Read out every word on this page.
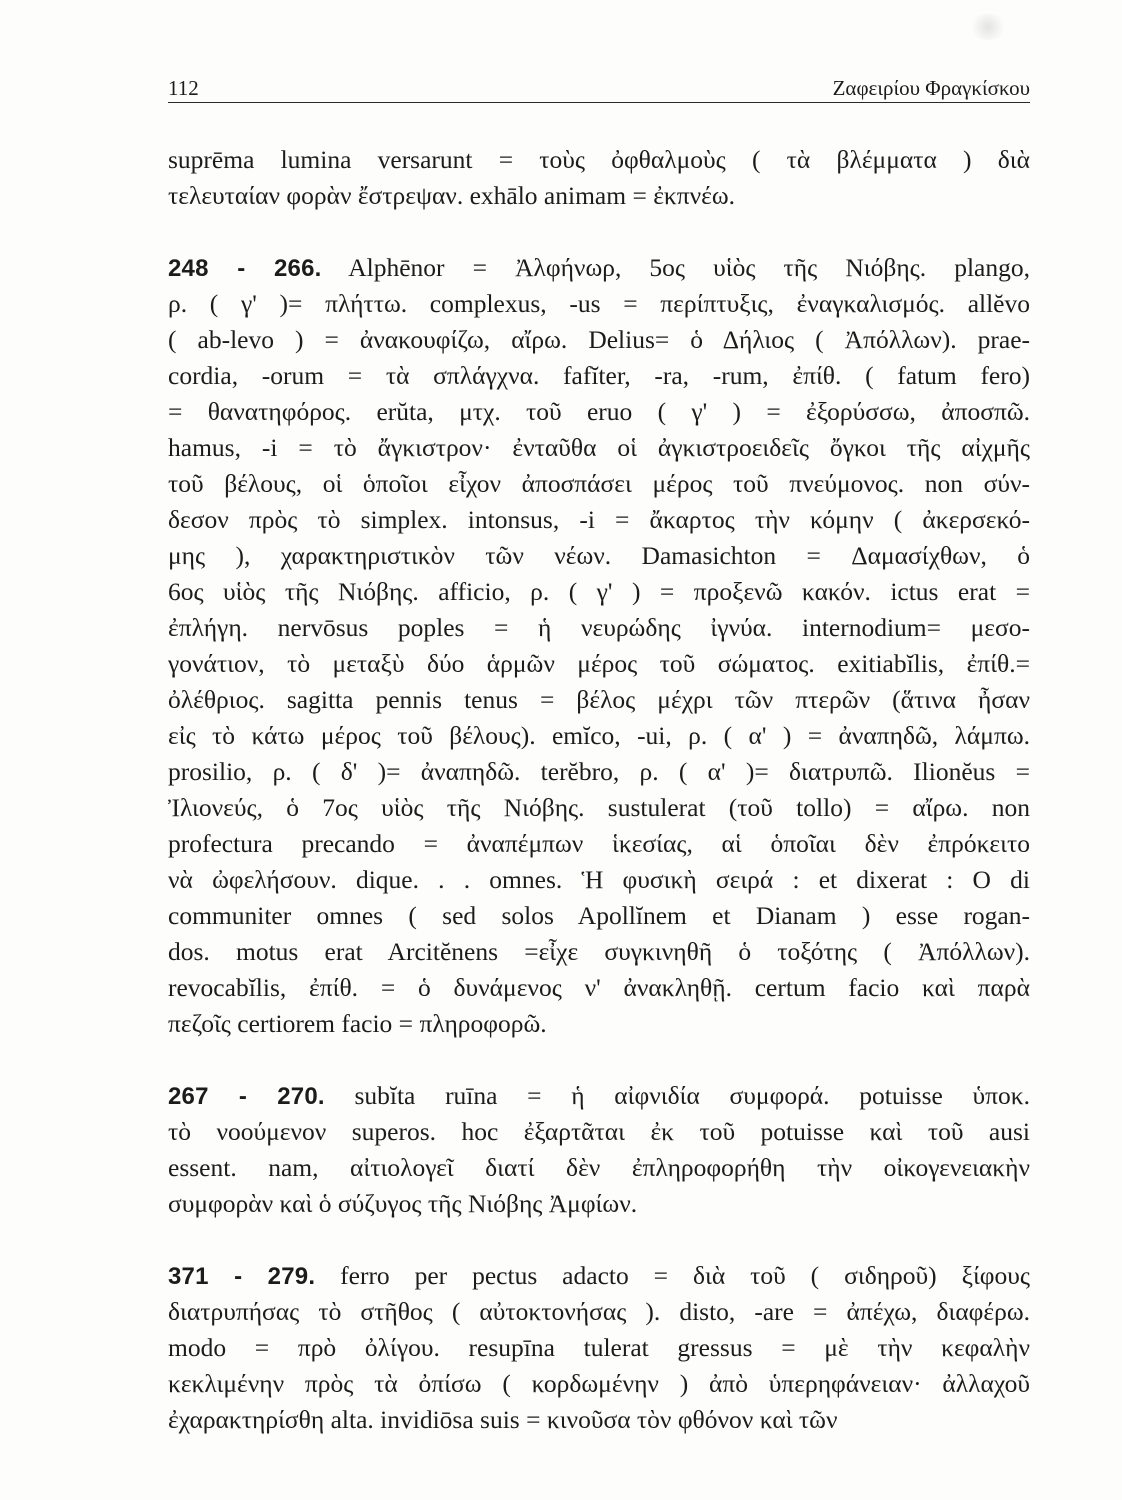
112	Ζαφειρίου Φραγκίσκου
suprēma lumina versarunt = τοὺς ὀφθαλμοὺς ( τὰ βλέμματα ) διὰ
τελευταίαν φορὰν ἔστρεψαν. exhālo animam = ἐκπνέω.
248 - 266. Alphēnor = Ἀλφήνωρ, 5ος υἱὸς τῆς Νιόβης. plango,
ρ. ( γ' )= πλήττω. complexus, -us = περίπτυξις, ἐναγκαλισμός. allĕvo
( ab-levo ) = ἀνακουφίζω, αἴρω. Delius= ὁ Δήλιος ( Ἀπόλλων). prae-
cordia, -orum = τὰ σπλάγχνα. fafĭter, -ra, -rum, ἐπίθ. ( fatum fero)
= θανατηφόρος. erŭta, μτχ. τοῦ eruo ( γ' ) = ἐξορύσσω, ἀποσπῶ.
hamus, -i = τὸ ἄγκιστρον· ἐνταῦθα οἱ ἀγκιστροειδεῖς ὄγκοι τῆς αἰχμῆς
τοῦ βέλους, οἱ ὁποῖοι εἶχον ἀποσπάσει μέρος τοῦ πνεύμονος. non σύν-
δεσον πρὸς τὸ simplex. intonsus, -i = ἄκαρτος τὴν κόμην ( ἀκερσεκό-
μης ), χαρακτηριστικὸν τῶν νέων. Damasichton = Δαμασίχθων, ὁ
6ος υἱὸς τῆς Νιόβης. afficio, ρ. ( γ' ) = προξενῶ κακόν. ictus erat =
ἐπλήγη. nervōsus poples = ἡ νευρώδης ἰγνύα. internodium= μεσο-
γονάτιον, τὸ μεταξὺ δύο ἁρμῶν μέρος τοῦ σώματος. exitiabĭlis, ἐπίθ.=
ὀλέθριος. sagitta pennis tenus = βέλος μέχρι τῶν πτερῶν (ἅτινα ἦσαν
εἰς τὸ κάτω μέρος τοῦ βέλους). emĭco, -ui, ρ. ( α' ) = ἀναπηδῶ, λάμπω.
prosilio, ρ. ( δ' )= ἀναπηδῶ. terĕbro, ρ. ( α' )= διατρυπῶ. Ilionĕus =
Ἰλιονεύς, ὁ 7ος υἱὸς τῆς Νιόβης. sustulerat (τοῦ tollo) = αἴρω. non
profectura precando = ἀναπέμπων ἱκεσίας, αἱ ὁποῖαι δὲν ἐπρόκειτο
νὰ ὠφελήσουν. dique. . . omnes. Ἡ φυσικὴ σειρά : et dixerat : O di
communiter omnes ( sed solos Apollĭnem et Dianam ) esse rogan-
dos. motus erat Arcitĕnens =εἶχε συγκινηθῆ ὁ τοξότης ( Ἀπόλλων).
revocabĭlis, ἐπίθ. = ὁ δυνάμενος ν' ἀνακληθῇ. certum facio καὶ παρὰ
πεζοῖς certiorem facio = πληροφορῶ.
267 - 270. subĭta ruīna = ἡ αἰφνιδία συμφορά. potuisse ὑποκ.
τὸ νοούμενον superos. hoc ἐξαρτᾶται ἐκ τοῦ potuisse καὶ τοῦ ausi
essent. nam, αἰτιολογεῖ διατί δὲν ἐπληροφορήθη τὴν οἰκογενειακὴν
συμφορὰν καὶ ὁ σύζυγος τῆς Νιόβης Ἀμφίων.
371 - 279. ferro per pectus adacto = διὰ τοῦ ( σιδηροῦ) ξίφους
διατρυπήσας τὸ στῆθος ( αὐτοκτονήσας ). disto, -are = ἀπέχω, διαφέρω.
modo = πρὸ ὀλίγου. resupīna tulerat gressus = μὲ τὴν κεφαλὴν
κεκλιμένην πρὸς τὰ ὀπίσω ( κορδωμένην ) ἀπὸ ὑπερηφάνειαν· ἀλλαχοῦ
ἐχαρακτηρίσθη alta. invidiōsa suis = κινοῦσα τὸν φθόνον καὶ τῶν
